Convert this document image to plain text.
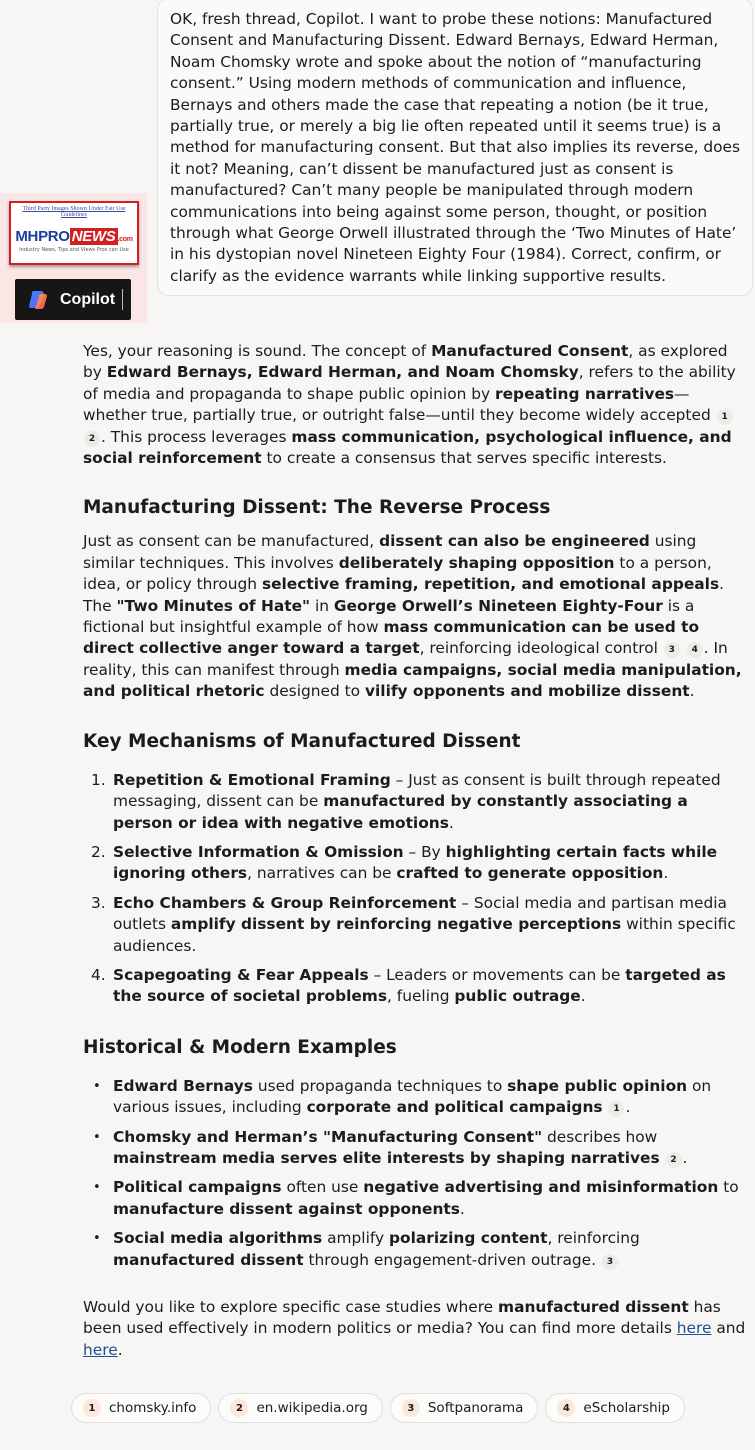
OK, fresh thread, Copilot. I want to probe these notions: Manufactured Consent and Manufacturing Dissent. Edward Bernays, Edward Herman, Noam Chomsky wrote and spoke about the notion of “manufacturing consent.” Using modern methods of communication and influence, Bernays and others made the case that repeating a notion (be it true, partially true, or merely a big lie often repeated until it seems true) is a method for manufacturing consent. But that also implies its reverse, does it not? Meaning, can’t dissent be manufactured just as consent is manufactured? Can’t many people be manipulated through modern communications into being against some person, thought, or position through what George Orwell illustrated through the ‘Two Minutes of Hate’ in his dystopian novel Nineteen Eighty Four (1984). Correct, confirm, or clarify as the evidence warrants while linking supportive results.

Third Party Images Shown Under Fair Use Guidelines
MHPRO NEWS .com
Industry News, Tips and Views Pros can Use
Copilot

Yes, your reasoning is sound. The concept of Manufactured Consent, as explored by Edward Bernays, Edward Herman, and Noam Chomsky, refers to the ability of media and propaganda to shape public opinion by repeating narratives—whether true, partially true, or outright false—until they become widely accepted 1 2 . This process leverages mass communication, psychological influence, and social reinforcement to create a consensus that serves specific interests.

Manufacturing Dissent: The Reverse Process

Just as consent can be manufactured, dissent can also be engineered using similar techniques. This involves deliberately shaping opposition to a person, idea, or policy through selective framing, repetition, and emotional appeals. The "Two Minutes of Hate" in George Orwell’s Nineteen Eighty-Four is a fictional but insightful example of how mass communication can be used to direct collective anger toward a target, reinforcing ideological control 3 4 . In reality, this can manifest through media campaigns, social media manipulation, and political rhetoric designed to vilify opponents and mobilize dissent.

Key Mechanisms of Manufactured Dissent
1. Repetition & Emotional Framing – Just as consent is built through repeated messaging, dissent can be manufactured by constantly associating a person or idea with negative emotions.
2. Selective Information & Omission – By highlighting certain facts while ignoring others, narratives can be crafted to generate opposition.
3. Echo Chambers & Group Reinforcement – Social media and partisan media outlets amplify dissent by reinforcing negative perceptions within specific audiences.
4. Scapegoating & Fear Appeals – Leaders or movements can be targeted as the source of societal problems, fueling public outrage.
Historical & Modern Examples
• Edward Bernays used propaganda techniques to shape public opinion on various issues, including corporate and political campaigns 1 .
• Chomsky and Herman’s "Manufacturing Consent" describes how mainstream media serves elite interests by shaping narratives 2 .
• Political campaigns often use negative advertising and misinformation to manufacture dissent against opponents.
• Social media algorithms amplify polarizing content, reinforcing manufactured dissent through engagement-driven outrage. 3

Would you like to explore specific case studies where manufactured dissent has been used effectively in modern politics or media? You can find more details here and here.

1	chomsky.info	2	en.wikipedia.org	3	Softpanorama	4	eScholarship
